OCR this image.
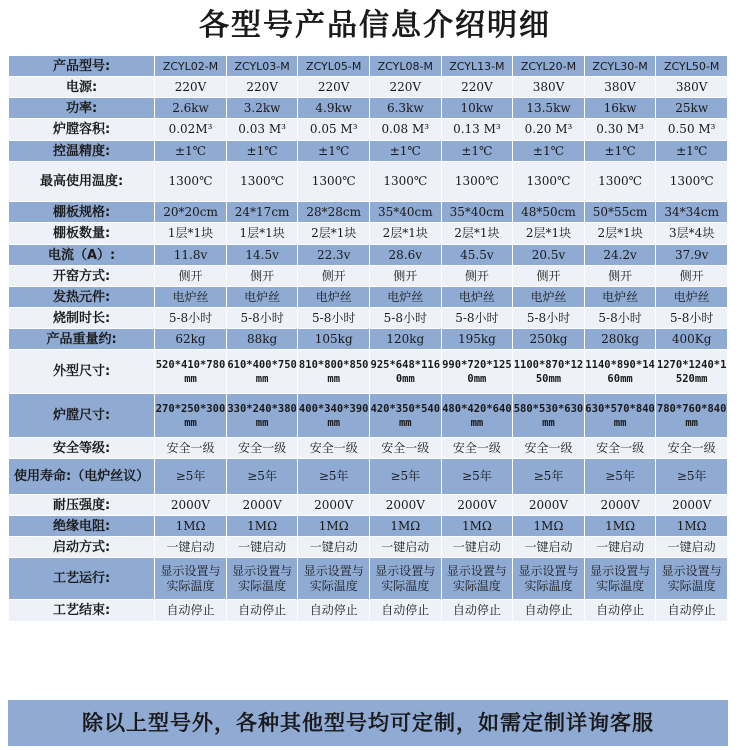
各型号产品信息介绍明细
产品型号:	ZCYL02-M	ZCYL03-M	ZCYL05-M	ZCYL08-M	ZCYL13-M	ZCYL20-M	ZCYL30-M	ZCYL50-M
电源:	220V	220V	220V	220V	220V	380V	380V	380V
功率:	2.6kw	3.2kw	4.9kw	6.3kw	10kw	13.5kw	16kw	25kw
炉膛容积:	0.02M³	0.03 M³	0.05 M³	0.08 M³	0.13 M³	0.20 M³	0.30 M³	0.50 M³
控温精度:	±1℃	±1℃	±1℃	±1℃	±1℃	±1℃	±1℃	±1℃
最高使用温度:	1300℃	1300℃	1300℃	1300℃	1300℃	1300℃	1300℃	1300℃
棚板规格:	20*20cm	24*17cm	28*28cm	35*40cm	35*40cm	48*50cm	50*55cm	34*34cm
棚板数量:	1层*1块	1层*1块	2层*1块	2层*1块	2层*1块	2层*1块	2层*1块	3层*4块
电流（A）:	11.8v	14.5v	22.3v	28.6v	45.5v	20.5v	24.2v	37.9v
开窑方式:	侧开	侧开	侧开	侧开	侧开	侧开	侧开	侧开
发热元件:	电炉丝	电炉丝	电炉丝	电炉丝	电炉丝	电炉丝	电炉丝	电炉丝
烧制时长:	5-8小时	5-8小时	5-8小时	5-8小时	5-8小时	5-8小时	5-8小时	5-8小时
产品重量约:	62kg	88kg	105kg	120kg	195kg	250kg	280kg	400Kg
外型尺寸:	520*410*780mm	610*400*750mm	810*800*850mm	925*648*1160mm	990*720*1250mm	1100*870*1250mm	1140*890*1460mm	1270*1240*1520mm
炉膛尺寸:	270*250*300mm	330*240*380mm	400*340*390mm	420*350*540mm	480*420*640mm	580*530*630mm	630*570*840mm	780*760*840mm
安全等级:	安全一级	安全一级	安全一级	安全一级	安全一级	安全一级	安全一级	安全一级
使用寿命:（电炉丝议）	≥5年	≥5年	≥5年	≥5年	≥5年	≥5年	≥5年	≥5年
耐压强度:	2000V	2000V	2000V	2000V	2000V	2000V	2000V	2000V
绝缘电阻:	1MΩ	1MΩ	1MΩ	1MΩ	1MΩ	1MΩ	1MΩ	1MΩ
启动方式:	一键启动	一键启动	一键启动	一键启动	一键启动	一键启动	一键启动	一键启动
工艺运行:	显示设置与实际温度	显示设置与实际温度	显示设置与实际温度	显示设置与实际温度	显示设置与实际温度	显示设置与实际温度	显示设置与实际温度	显示设置与实际温度
工艺结束:	自动停止	自动停止	自动停止	自动停止	自动停止	自动停止	自动停止	自动停止
除以上型号外，各种其他型号均可定制，如需定制详询客服
